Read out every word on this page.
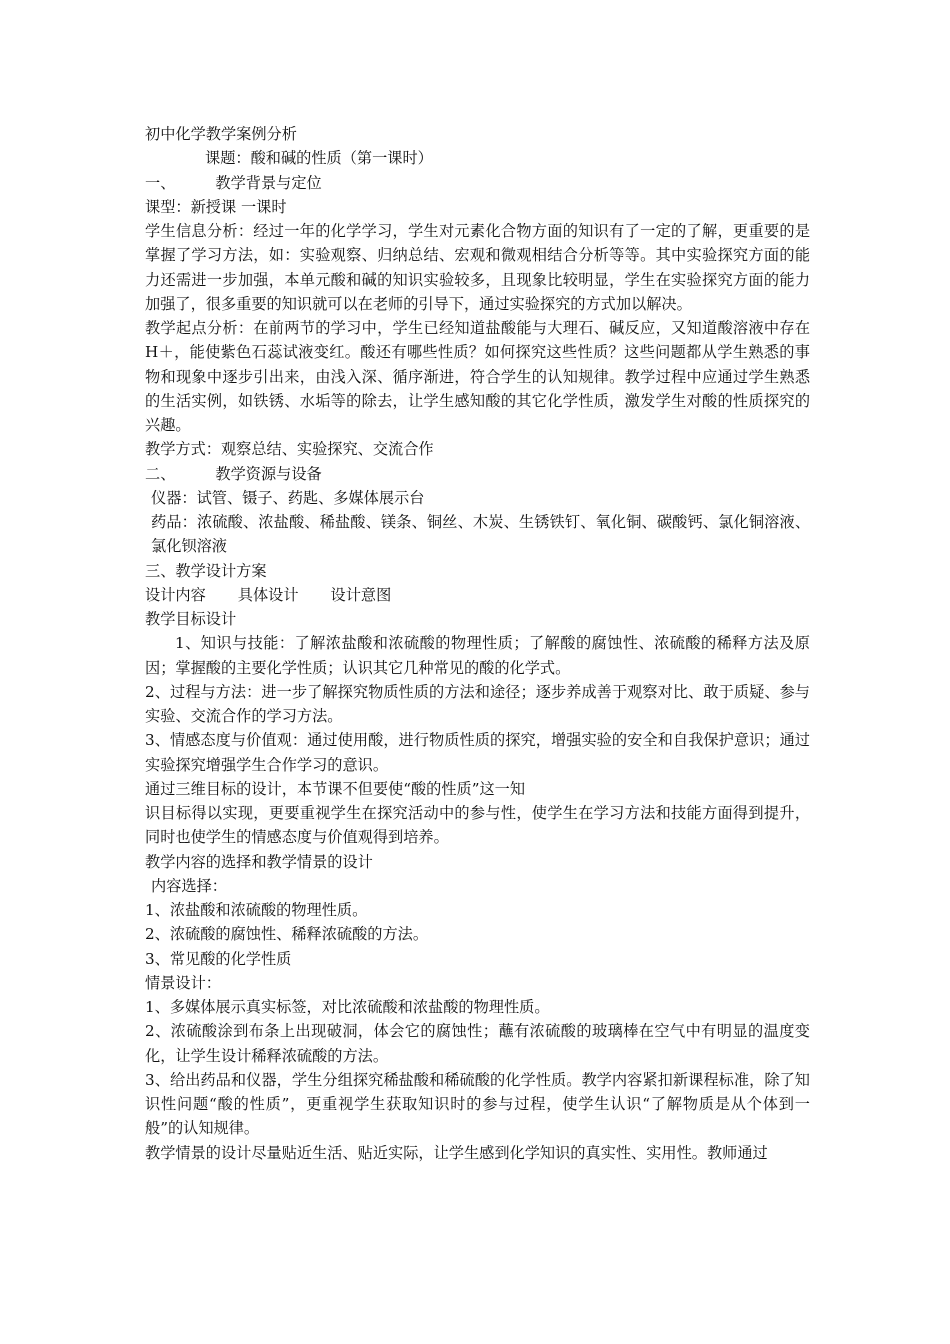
初中化学教学案例分析
课题：酸和碱的性质（第一课时）
一、	教学背景与定位
课型：新授课 一课时
学生信息分析：经过一年的化学学习，学生对元素化合物方面的知识有了一定的了解，更重要的是掌握了学习方法，如：实验观察、归纳总结、宏观和微观相结合分析等等。其中实验探究方面的能力还需进一步加强，本单元酸和碱的知识实验较多，且现象比较明显，学生在实验探究方面的能力加强了，很多重要的知识就可以在老师的引导下，通过实验探究的方式加以解决。
教学起点分析：在前两节的学习中，学生已经知道盐酸能与大理石、碱反应，又知道酸溶液中存在H＋，能使紫色石蕊试液变红。酸还有哪些性质？如何探究这些性质？这些问题都从学生熟悉的事物和现象中逐步引出来，由浅入深、循序渐进，符合学生的认知规律。教学过程中应通过学生熟悉的生活实例，如铁锈、水垢等的除去，让学生感知酸的其它化学性质，激发学生对酸的性质探究的兴趣。
教学方式：观察总结、实验探究、交流合作
二、	教学资源与设备
仪器：试管、镊子、药匙、多媒体展示台
药品：浓硫酸、浓盐酸、稀盐酸、镁条、铜丝、木炭、生锈铁钉、氧化铜、碳酸钙、氯化铜溶液、氯化钡溶液
三、教学设计方案
设计内容 具体设计 设计意图
教学目标设计
1、知识与技能：了解浓盐酸和浓硫酸的物理性质；了解酸的腐蚀性、浓硫酸的稀释方法及原因；掌握酸的主要化学性质；认识其它几种常见的酸的化学式。
2、过程与方法：进一步了解探究物质性质的方法和途径；逐步养成善于观察对比、敢于质疑、参与实验、交流合作的学习方法。
3、情感态度与价值观：通过使用酸，进行物质性质的探究，增强实验的安全和自我保护意识；通过实验探究增强学生合作学习的意识。
通过三维目标的设计，本节课不但要使“酸的性质”这一知
识目标得以实现，更要重视学生在探究活动中的参与性，使学生在学习方法和技能方面得到提升，同时也使学生的情感态度与价值观得到培养。
教学内容的选择和教学情景的设计
内容选择：
1、浓盐酸和浓硫酸的物理性质。
2、浓硫酸的腐蚀性、稀释浓硫酸的方法。
3、常见酸的化学性质
情景设计：
1、多媒体展示真实标签，对比浓硫酸和浓盐酸的物理性质。
2、浓硫酸涂到布条上出现破洞，体会它的腐蚀性；蘸有浓硫酸的玻璃棒在空气中有明显的温度变化，让学生设计稀释浓硫酸的方法。
3、给出药品和仪器，学生分组探究稀盐酸和稀硫酸的化学性质。教学内容紧扣新课程标准，除了知识性问题“酸的性质”，更重视学生获取知识时的参与过程，使学生认识“了解物质是从个体到一般”的认知规律。
教学情景的设计尽量贴近生活、贴近实际，让学生感到化学知识的真实性、实用性。教师通过
